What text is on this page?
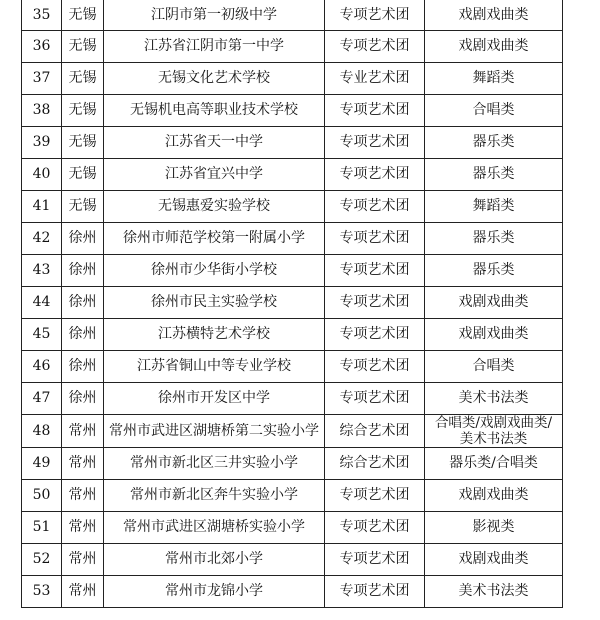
35	无锡	江阴市第一初级中学	专项艺术团	戏剧戏曲类
36	无锡	江苏省江阴市第一中学	专项艺术团	戏剧戏曲类
37	无锡	无锡文化艺术学校	专业艺术团	舞蹈类
38	无锡	无锡机电高等职业技术学校	专项艺术团	合唱类
39	无锡	江苏省天一中学	专项艺术团	器乐类
40	无锡	江苏省宜兴中学	专项艺术团	器乐类
41	无锡	无锡惠爱实验学校	专项艺术团	舞蹈类
42	徐州	徐州市师范学校第一附属小学	专项艺术团	器乐类
43	徐州	徐州市少华街小学校	专项艺术团	器乐类
44	徐州	徐州市民主实验学校	专项艺术团	戏剧戏曲类
45	徐州	江苏横特艺术学校	专项艺术团	戏剧戏曲类
46	徐州	江苏省铜山中等专业学校	专项艺术团	合唱类
47	徐州	徐州市开发区中学	专项艺术团	美术书法类
48	常州	常州市武进区湖塘桥第二实验小学	综合艺术团	合唱类/戏剧戏曲类/美术书法类
49	常州	常州市新北区三井实验小学	综合艺术团	器乐类/合唱类
50	常州	常州市新北区奔牛实验小学	专项艺术团	戏剧戏曲类
51	常州	常州市武进区湖塘桥实验小学	专项艺术团	影视类
52	常州	常州市北郊小学	专项艺术团	戏剧戏曲类
53	常州	常州市龙锦小学	专项艺术团	美术书法类
